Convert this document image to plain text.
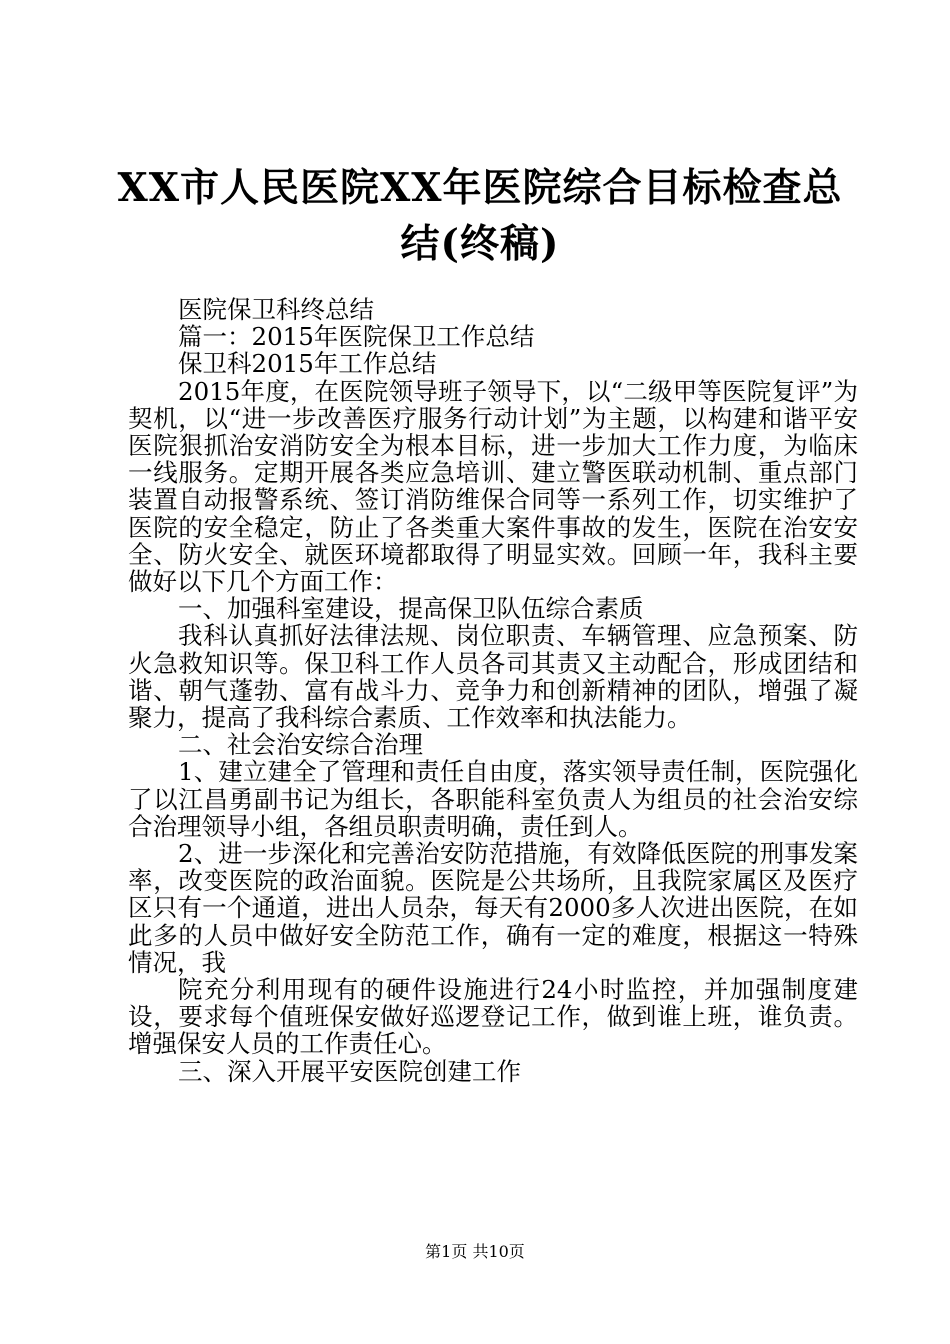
XX市人民医院XX年医院综合目标检查总结(终稿)

医院保卫科终总结

篇一：2015年医院保卫工作总结

保卫科2015年工作总结

2015年度，在医院领导班子领导下，以“二级甲等医院复评”为契机，以“进一步改善医疗服务行动计划”为主题，以构建和谐平安医院狠抓治安消防安全为根本目标，进一步加大工作力度，为临床一线服务。定期开展各类应急培训、建立警医联动机制、重点部门装置自动报警系统、签订消防维保合同等一系列工作，切实维护了医院的安全稳定，防止了各类重大案件事故的发生，医院在治安安全、防火安全、就医环境都取得了明显实效。回顾一年，我科主要做好以下几个方面工作：

一、加强科室建设，提高保卫队伍综合素质

我科认真抓好法律法规、岗位职责、车辆管理、应急预案、防火急救知识等。保卫科工作人员各司其责又主动配合，形成团结和谐、朝气蓬勃、富有战斗力、竞争力和创新精神的团队，增强了凝聚力，提高了我科综合素质、工作效率和执法能力。

二、社会治安综合治理

1、建立建全了管理和责任自由度，落实领导责任制，医院强化了以江昌勇副书记为组长，各职能科室负责人为组员的社会治安综合治理领导小组，各组员职责明确，责任到人。

2、进一步深化和完善治安防范措施，有效降低医院的刑事发案率，改变医院的政治面貌。医院是公共场所，且我院家属区及医疗区只有一个通道，进出人员杂，每天有2000多人次进出医院，在如此多的人员中做好安全防范工作，确有一定的难度，根据这一特殊情况，我

院充分利用现有的硬件设施进行24小时监控，并加强制度建设，要求每个值班保安做好巡逻登记工作，做到谁上班，谁负责。增强保安人员的工作责任心。

三、深入开展平安医院创建工作

第1页 共10页
